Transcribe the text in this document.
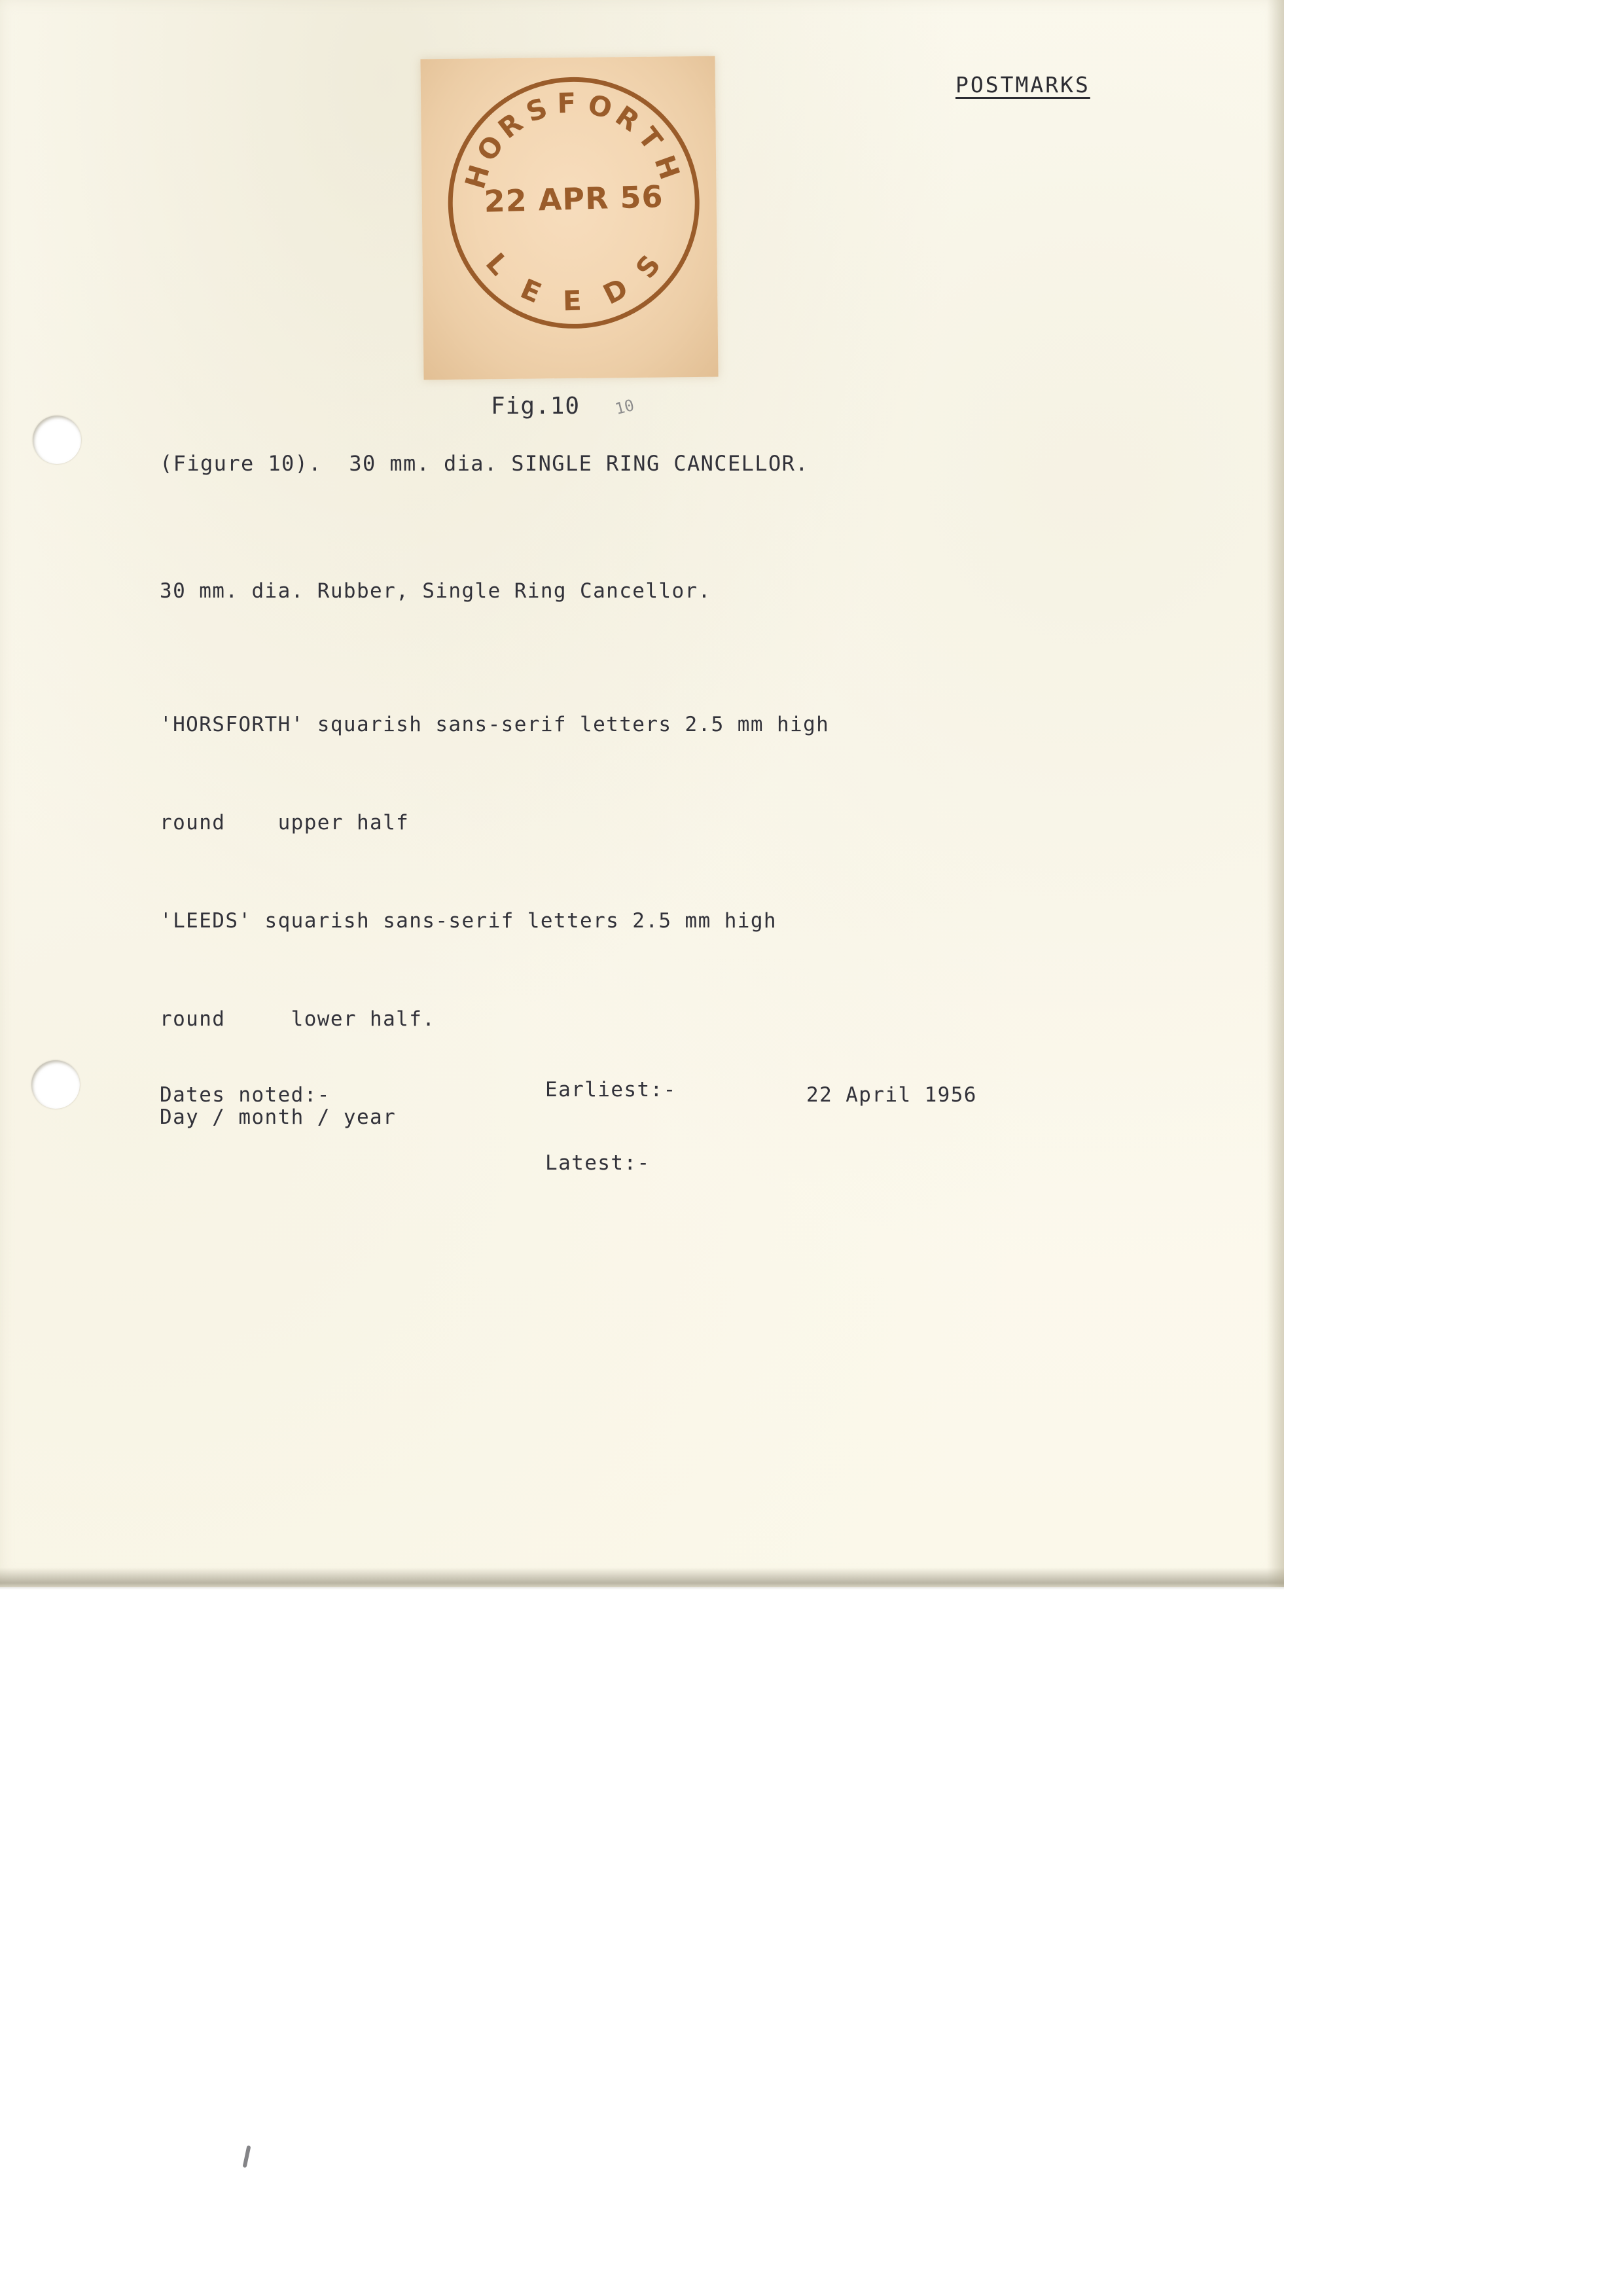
POSTMARKS
H
O
R
S F O
R
T
H
22 APR 56
L
E E D
S
Fig.10 10
(Figure 10).  30 mm. dia. SINGLE RING CANCELLOR.
30 mm. dia. Rubber, Single Ring Cancellor.

'HORSFORTH' squarish sans-serif letters 2.5 mm high

round    upper half

'LEEDS' squarish sans-serif letters 2.5 mm high

round     lower half.

Day / month / year

Dates noted:-	Earliest:-	22 April 1956
Latest:-
